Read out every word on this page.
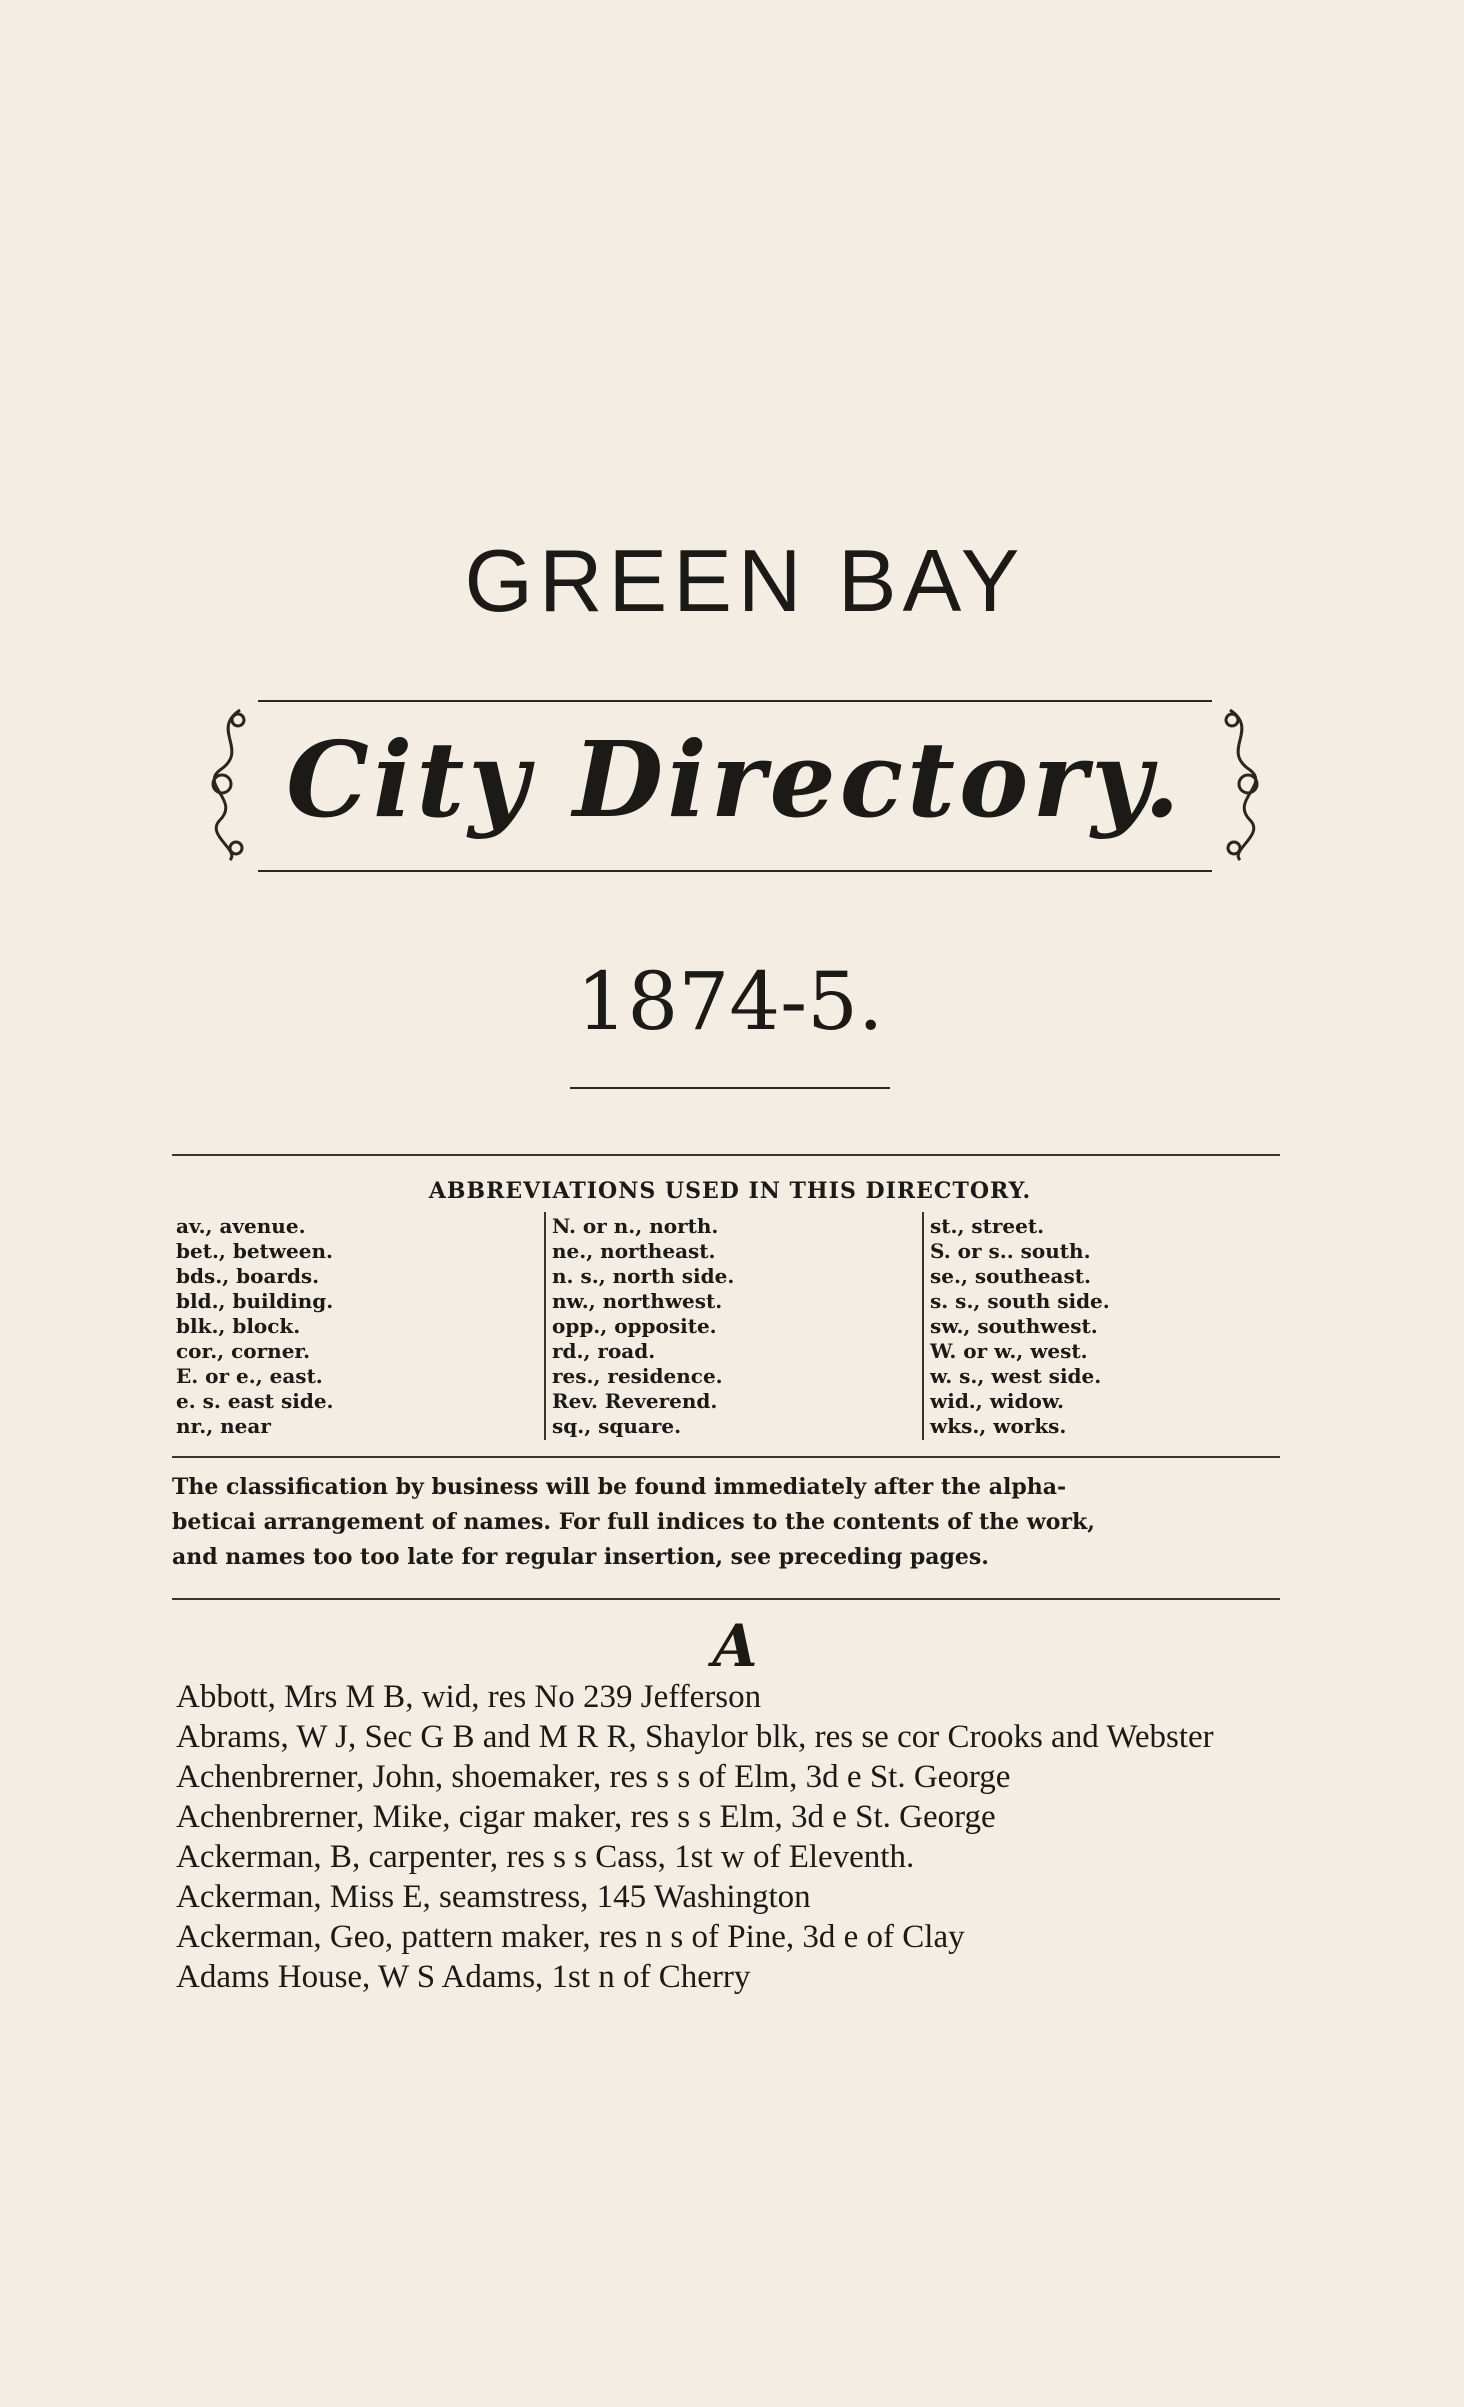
GREEN BAY
City Directory.
1874-5.
ABBREVIATIONS USED IN THIS DIRECTORY.
av., avenue.
bet., between.
bds., boards.
bld., building.
blk., block.
cor., corner.
E. or e., east.
e. s. east side.
nr., near
N. or n., north.
ne., northeast.
n. s., north side.
nw., northwest.
opp., opposite.
rd., road.
res., residence.
Rev. Reverend.
sq., square.
st., street.
S. or s.. south.
se., southeast.
s. s., south side.
sw., southwest.
W. or w., west.
w. s., west side.
wid., widow.
wks., works.

The classification by business will be found immediately after the alpha-

beticai arrangement of names. For full indices to the contents of the work,

and names too too late for regular insertion, see preceding pages.

A
Abbott, Mrs M B, wid, res No 239 Jefferson
Abrams, W J, Sec G B and M R R, Shaylor blk, res se cor Crooks and Webster
Achenbrerner, John, shoemaker, res s s of Elm, 3d e St. George
Achenbrerner, Mike, cigar maker, res s s Elm, 3d e St. George
Ackerman, B, carpenter, res s s Cass, 1st w of Eleventh.
Ackerman, Miss E, seamstress, 145 Washington
Ackerman, Geo, pattern maker, res n s of Pine, 3d e of Clay
Adams House, W S Adams, 1st n of Cherry
